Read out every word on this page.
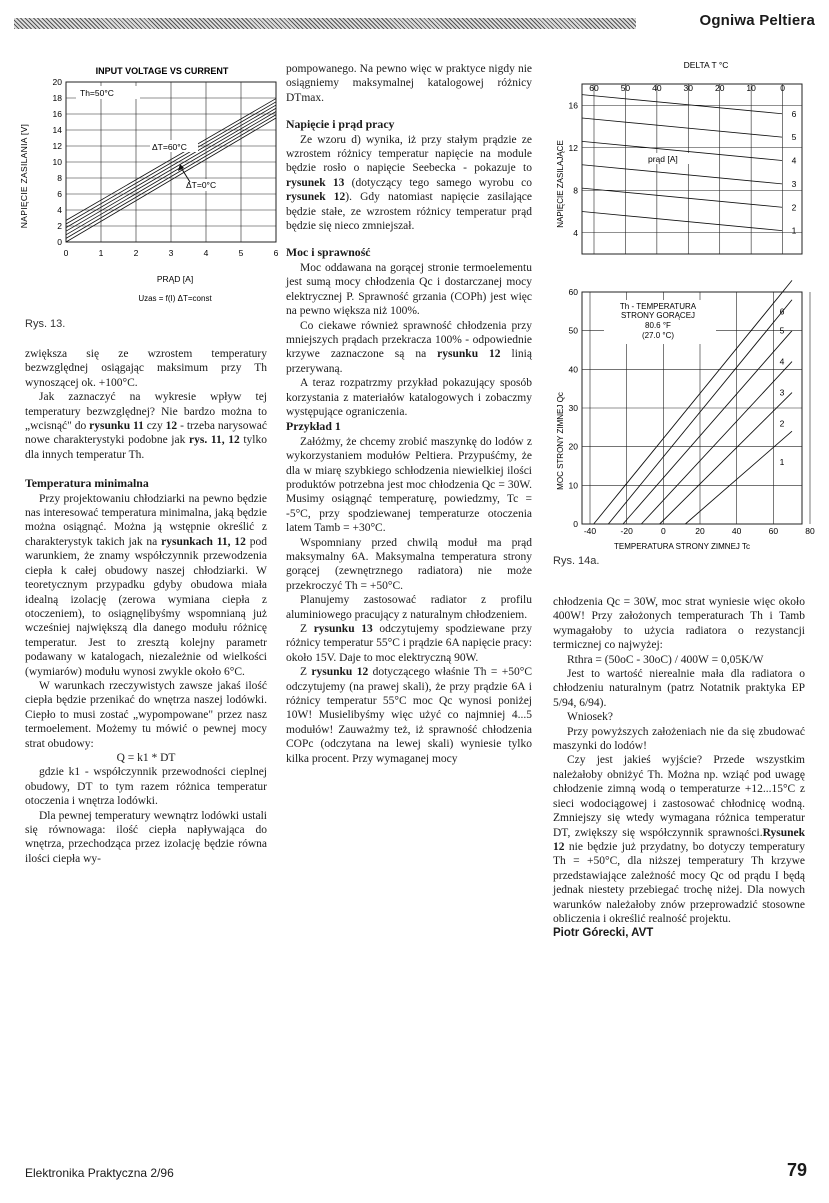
Ogniwa Peltiera
INPUT VOLTAGE VS CURRENT
NAPIĘCIE ZASILANIA [V]
20
18
16
14
12
10
8
6
4
2
0
0	1	2	3	4	5	6
Th=50°C
ΔT=60°C
ΔT=0°C
PRĄD [A]
Uzas = f(I) ΔT=const
Rys. 13.
DELTA T °C
60	50	40	30	20	10	0
16
12
8
4
NAPIĘCIE ZASILAJĄCE	prąd [A]
6
5
4
3
2
1
6
5
4
3
2
1
Th - TEMPERATURA
STRONY GORĄCEJ
80.6 °F
(27.0 °C)
MOC STRONY ZIMNEJ Qc
60
50
40
30
20
10
0
-40	-20	0	20	40	60	80
TEMPERATURA STRONY ZIMNEJ Tc
Rys. 14a.

zwiększa się ze wzrostem temperatury bezwzględnej osiągając maksimum przy Th wynoszącej ok. +100°C.

Jak zaznaczyć na wykresie wpływ tej temperatury bezwzględnej? Nie bardzo można to „wcisnąć" do rysunku 11 czy 12 - trzeba narysować nowe charakterystyki podobne jak rys. 11, 12 tylko dla innych temperatur Th.

Temperatura minimalna

Przy projektowaniu chłodziarki na pewno będzie nas interesować temperatura minimalna, jaką będzie można osiągnąć. Można ją wstępnie określić z charakterystyk takich jak na rysunkach 11, 12 pod warunkiem, że znamy współczynnik przewodzenia ciepła k całej obudowy naszej chłodziarki. W teoretycznym przypadku gdyby obudowa miała idealną izolację (zerowa wymiana ciepła z otoczeniem), to osiągnęlibyśmy wspomnianą już wcześniej największą dla danego modułu różnicę temperatur. Jest to zresztą kolejny parametr podawany w katalogach, niezależnie od wielkości (wymiarów) modułu wynosi zwykle około 6°C.

W warunkach rzeczywistych zawsze jakaś ilość ciepła będzie przenikać do wnętrza naszej lodówki. Ciepło to musi zostać „wypompowane" przez nasz termoelement. Możemy tu mówić o pewnej mocy strat obudowy:

Q = k1 * DT

gdzie k1 - współczynnik przewodności cieplnej obudowy, DT to tym razem różnica temperatur otoczenia i wnętrza lodówki.

Dla pewnej temperatury wewnątrz lodówki ustali się równowaga: ilość ciepła napływająca do wnętrza, przechodząca przez izolację będzie równa ilości ciepła wy-

pompowanego. Na pewno więc w praktyce nigdy nie osiągniemy maksymalnej katalogowej różnicy DTmax.

Napięcie i prąd pracy

Ze wzoru d) wynika, iż przy stałym prądzie ze wzrostem różnicy temperatur napięcie na module będzie rosło o napięcie Seebecka - pokazuje to rysunek 13 (dotyczący tego samego wyrobu co rysunek 12). Gdy natomiast napięcie zasilające będzie stałe, ze wzrostem różnicy temperatur prąd będzie się nieco zmniejszał.

Moc i sprawność

Moc oddawana na gorącej stronie termoelementu jest sumą mocy chłodzenia Qc i dostarczanej mocy elektrycznej P. Sprawność grzania (COPh) jest więc na pewno większa niż 100%.

Co ciekawe również sprawność chłodzenia przy mniejszych prądach przekracza 100% - odpowiednie krzywe zaznaczone są na rysunku 12 linią przerywaną.

A teraz rozpatrzmy przykład pokazujący sposób korzystania z materiałów katalogowych i zobaczmy występujące ograniczenia.

Przykład 1

Załóżmy, że chcemy zrobić maszynkę do lodów z wykorzystaniem modułów Peltiera. Przypuśćmy, że dla w miarę szybkiego schłodzenia niewielkiej ilości produktów potrzebna jest moc chłodzenia Qc = 30W. Musimy osiągnąć temperaturę, powiedzmy, Tc = -5°C, przy spodziewanej temperaturze otoczenia latem Tamb = +30°C.

Wspomniany przed chwilą moduł ma prąd maksymalny 6A. Maksymalna temperatura strony gorącej (zewnętrznego radiatora) nie może przekroczyć Th = +50°C.

Planujemy zastosować radiator z profilu aluminiowego pracujący z naturalnym chłodzeniem.

Z rysunku 13 odczytujemy spodziewane przy różnicy temperatur 55°C i prądzie 6A napięcie pracy: około 15V. Daje to moc elektryczną 90W.

Z rysunku 12 dotyczącego właśnie Th = +50°C odczytujemy (na prawej skali), że przy prądzie 6A i różnicy temperatur 55°C moc Qc wynosi poniżej 10W! Musielibyśmy więc użyć co najmniej 4...5 modułów! Zauważmy też, iż sprawność chłodzenia COPc (odczytana na lewej skali) wyniesie tylko kilka procent. Przy wymaganej mocy

chłodzenia Qc = 30W, moc strat wyniesie więc około 400W! Przy założonych temperaturach Th i Tamb wymagałoby to użycia radiatora o rezystancji termicznej co najwyżej:

Rthra = (50oC - 30oC) / 400W = 0,05K/W

Jest to wartość nierealnie mała dla radiatora o chłodzeniu naturalnym (patrz Notatnik praktyka EP 5/94, 6/94).

Wniosek?

Przy powyższych założeniach nie da się zbudować maszynki do lodów!

Czy jest jakieś wyjście? Przede wszystkim należałoby obniżyć Th. Można np. wziąć pod uwagę chłodzenie zimną wodą o temperaturze +12...15°C z sieci wodociągowej i zastosować chłodnicę wodną. Zmniejszy się wtedy wymagana różnica temperatur DT, zwiększy się współczynnik sprawności.Rysunek 12 nie będzie już przydatny, bo dotyczy temperatury Th = +50°C, dla niższej temperatury Th krzywe przedstawiające zależność mocy Qc od prądu I będą jednak niestety przebiegać trochę niżej. Dla nowych warunków należałoby znów przeprowadzić stosowne obliczenia i określić realność projektu.

Piotr Górecki, AVT

Elektronika Praktyczna 2/96	79
